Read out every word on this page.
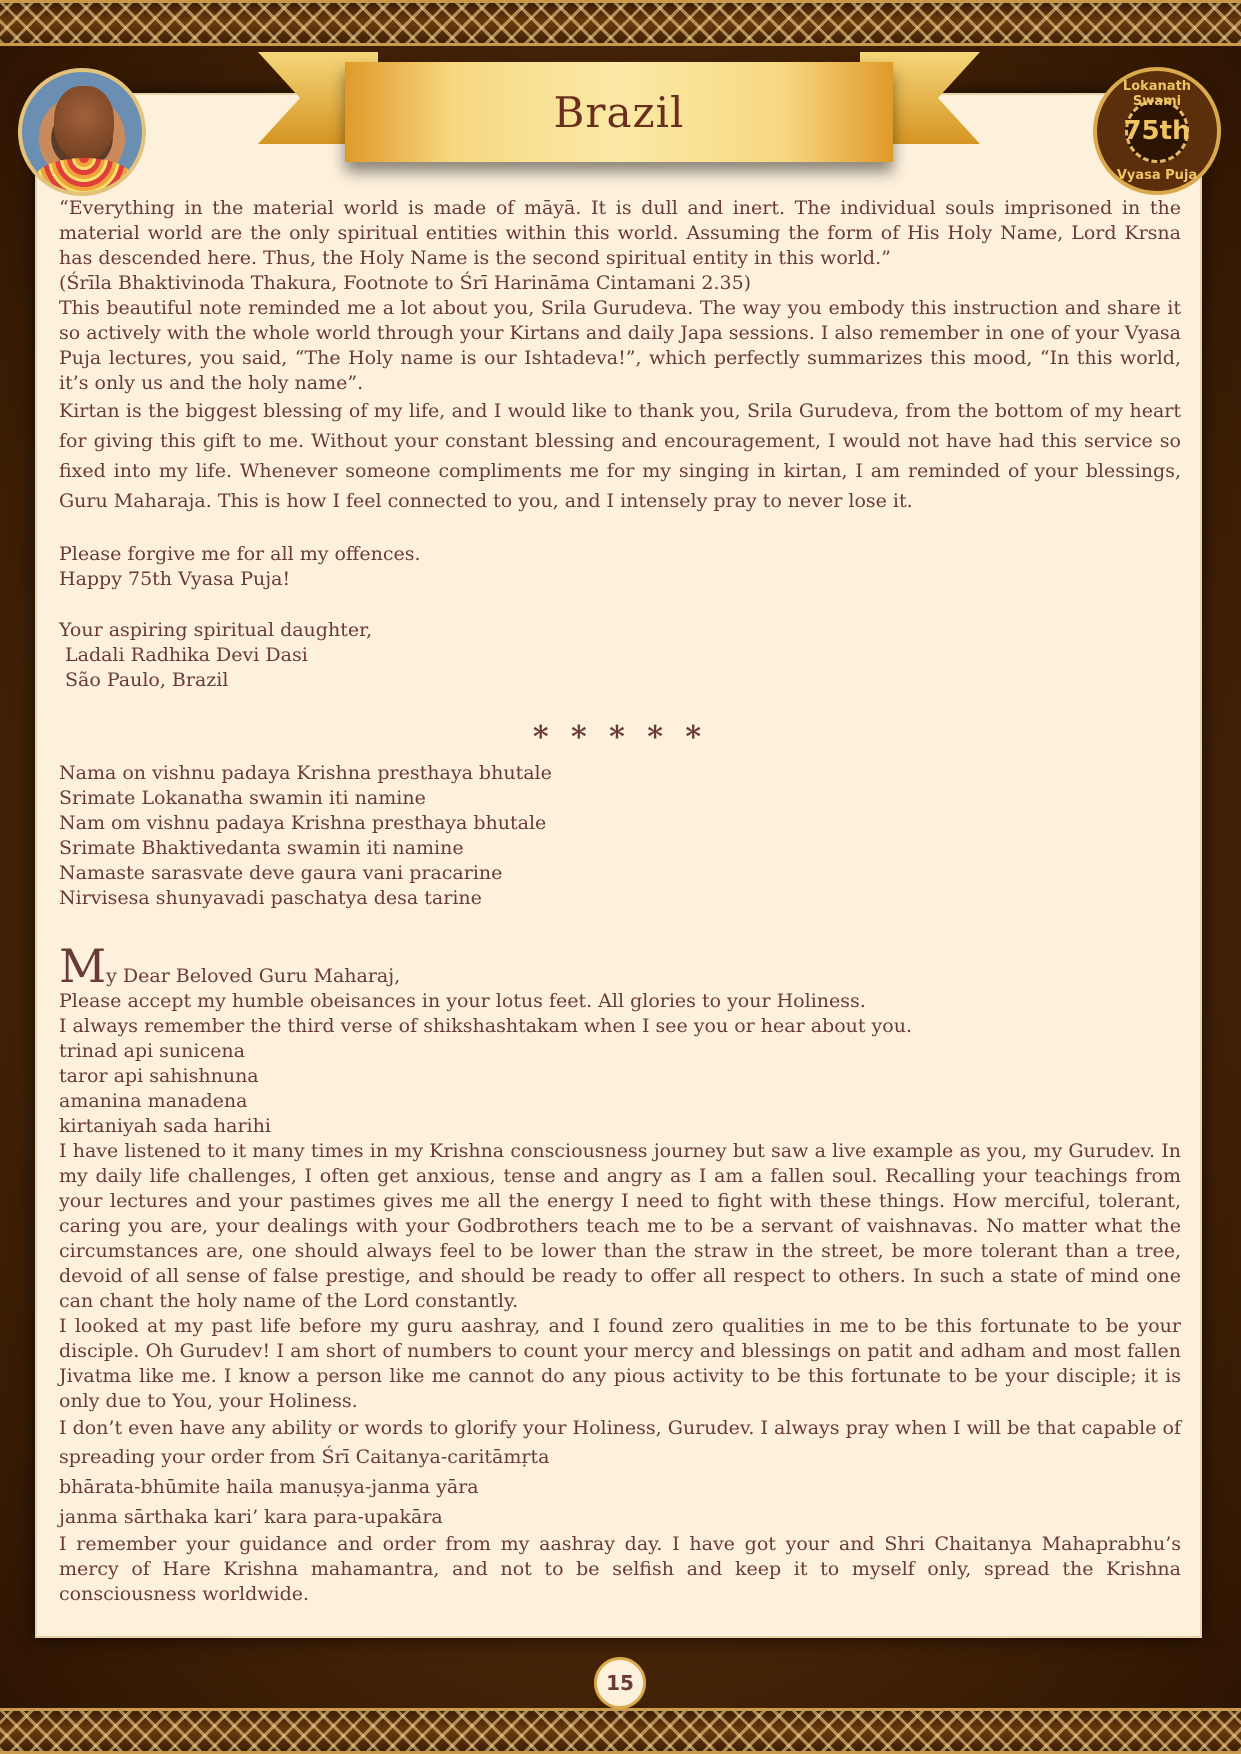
Brazil
Lokanath Swami
75th
Vyasa Puja

“Everything in the material world is made of māyā. It is dull and inert. The individual souls imprisoned in the material world are the only spiritual entities within this world. Assuming the form of His Holy Name, Lord Krsna has descended here. Thus, the Holy Name is the second spiritual entity in this world.”

(Śrīla Bhaktivinoda Thakura, Footnote to Śrī Harināma Cintamani 2.35)

This beautiful note reminded me a lot about you, Srila Gurudeva. The way you embody this instruction and share it so actively with the whole world through your Kirtans and daily Japa sessions. I also remember in one of your Vyasa Puja lectures, you said, “The Holy name is our Ishtadeva!”, which perfectly summarizes this mood, “In this world, it’s only us and the holy name”.

Kirtan is the biggest blessing of my life, and I would like to thank you, Srila Gurudeva, from the bottom of my heart for giving this gift to me. Without your constant blessing and encouragement, I would not have had this service so fixed into my life. Whenever someone compliments me for my singing in kirtan, I am reminded of your blessings, Guru Maharaja. This is how I feel connected to you, and I intensely pray to never lose it.

Please forgive me for all my offences.

Happy 75th Vyasa Puja!

Your aspiring spiritual daughter,

Ladali Radhika Devi Dasi

São Paulo, Brazil

* * * * *

Nama on vishnu padaya Krishna presthaya bhutale

Srimate Lokanatha swamin iti namine

Nam om vishnu padaya Krishna presthaya bhutale

Srimate Bhaktivedanta swamin iti namine

Namaste sarasvate deve gaura vani pracarine

Nirvisesa shunyavadi paschatya desa tarine

My Dear Beloved Guru Maharaj,

Please accept my humble obeisances in your lotus feet. All glories to your Holiness.

I always remember the third verse of shikshashtakam when I see you or hear about you.

trinad api sunicena

taror api sahishnuna

amanina manadena

kirtaniyah sada harihi

I have listened to it many times in my Krishna consciousness journey but saw a live example as you, my Gurudev. In my daily life challenges, I often get anxious, tense and angry as I am a fallen soul. Recalling your teachings from your lectures and your pastimes gives me all the energy I need to fight with these things. How merciful, tolerant, caring you are, your dealings with your Godbrothers teach me to be a servant of vaishnavas. No matter what the circumstances are, one should always feel to be lower than the straw in the street, be more tolerant than a tree, devoid of all sense of false prestige, and should be ready to offer all respect to others. In such a state of mind one can chant the holy name of the Lord constantly.

I looked at my past life before my guru aashray, and I found zero qualities in me to be this fortunate to be your disciple. Oh Gurudev! I am short of numbers to count your mercy and blessings on patit and adham and most fallen Jivatma like me. I know a person like me cannot do any pious activity to be this fortunate to be your disciple; it is only due to You, your Holiness.

I don’t even have any ability or words to glorify your Holiness, Gurudev. I always pray when I will be that capable of spreading your order from Śrī Caitanya-caritāmṛta

bhārata-bhūmite haila manuṣya-janma yāra

janma sārthaka kari’ kara para-upakāra

I remember your guidance and order from my aashray day. I have got your and Shri Chaitanya Mahaprabhu’s mercy of Hare Krishna mahamantra, and not to be selfish and keep it to myself only, spread the Krishna consciousness worldwide.

15
